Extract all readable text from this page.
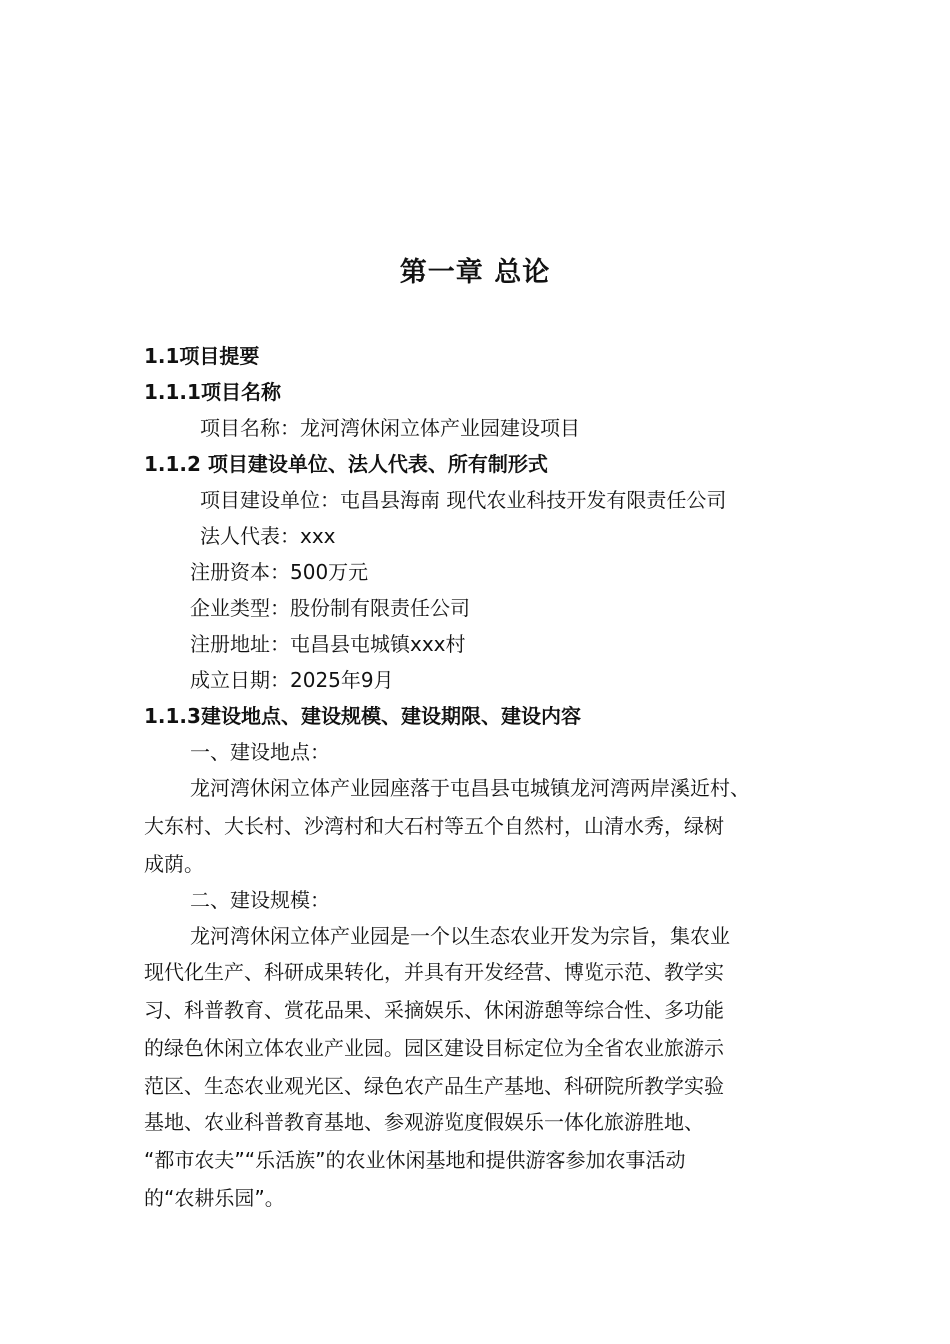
第一章 总论
1.1项目提要
1.1.1项目名称
项目名称：龙河湾休闲立体产业园建设项目
1.1.2 项目建设单位、法人代表、所有制形式
项目建设单位：屯昌县海南 现代农业科技开发有限责任公司
法人代表：xxx
注册资本：500万元
企业类型：股份制有限责任公司
注册地址：屯昌县屯城镇xxx村
成立日期：2025年9月
1.1.3建设地点、建设规模、建设期限、建设内容
一、建设地点：
龙河湾休闲立体产业园座落于屯昌县屯城镇龙河湾两岸溪近村、
大东村、大长村、沙湾村和大石村等五个自然村，山清水秀，绿树
成荫。
二、建设规模：
龙河湾休闲立体产业园是一个以生态农业开发为宗旨，集农业
现代化生产、科研成果转化，并具有开发经营、博览示范、教学实
习、科普教育、赏花品果、采摘娱乐、休闲游憩等综合性、多功能
的绿色休闲立体农业产业园。园区建设目标定位为全省农业旅游示
范区、生态农业观光区、绿色农产品生产基地、科研院所教学实验
基地、农业科普教育基地、参观游览度假娱乐一体化旅游胜地、
“都市农夫”“乐活族”的农业休闲基地和提供游客参加农事活动
的“农耕乐园”。
